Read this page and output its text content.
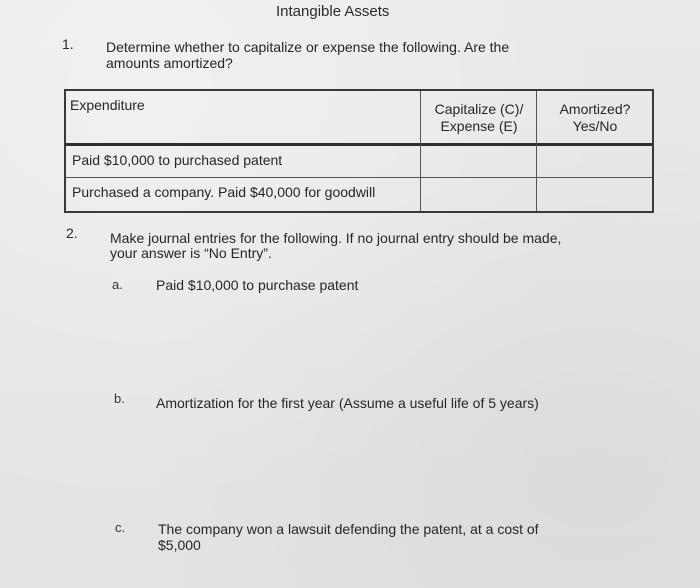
Intangible Assets
1. Determine whether to capitalize or expense the following. Are the
amounts amortized?
Expenditure	Capitalize (C)/
Expense (E)
Amortized?
Yes/No
Paid $10,000 to purchased patent
Purchased a company. Paid $40,000 for goodwill
2. Make journal entries for the following. If no journal entry should be made,
your answer is “No Entry”.
a. Paid $10,000 to purchase patent
b. Amortization for the first year (Assume a useful life of 5 years)
c. The company won a lawsuit defending the patent, at a cost of
$5,000
